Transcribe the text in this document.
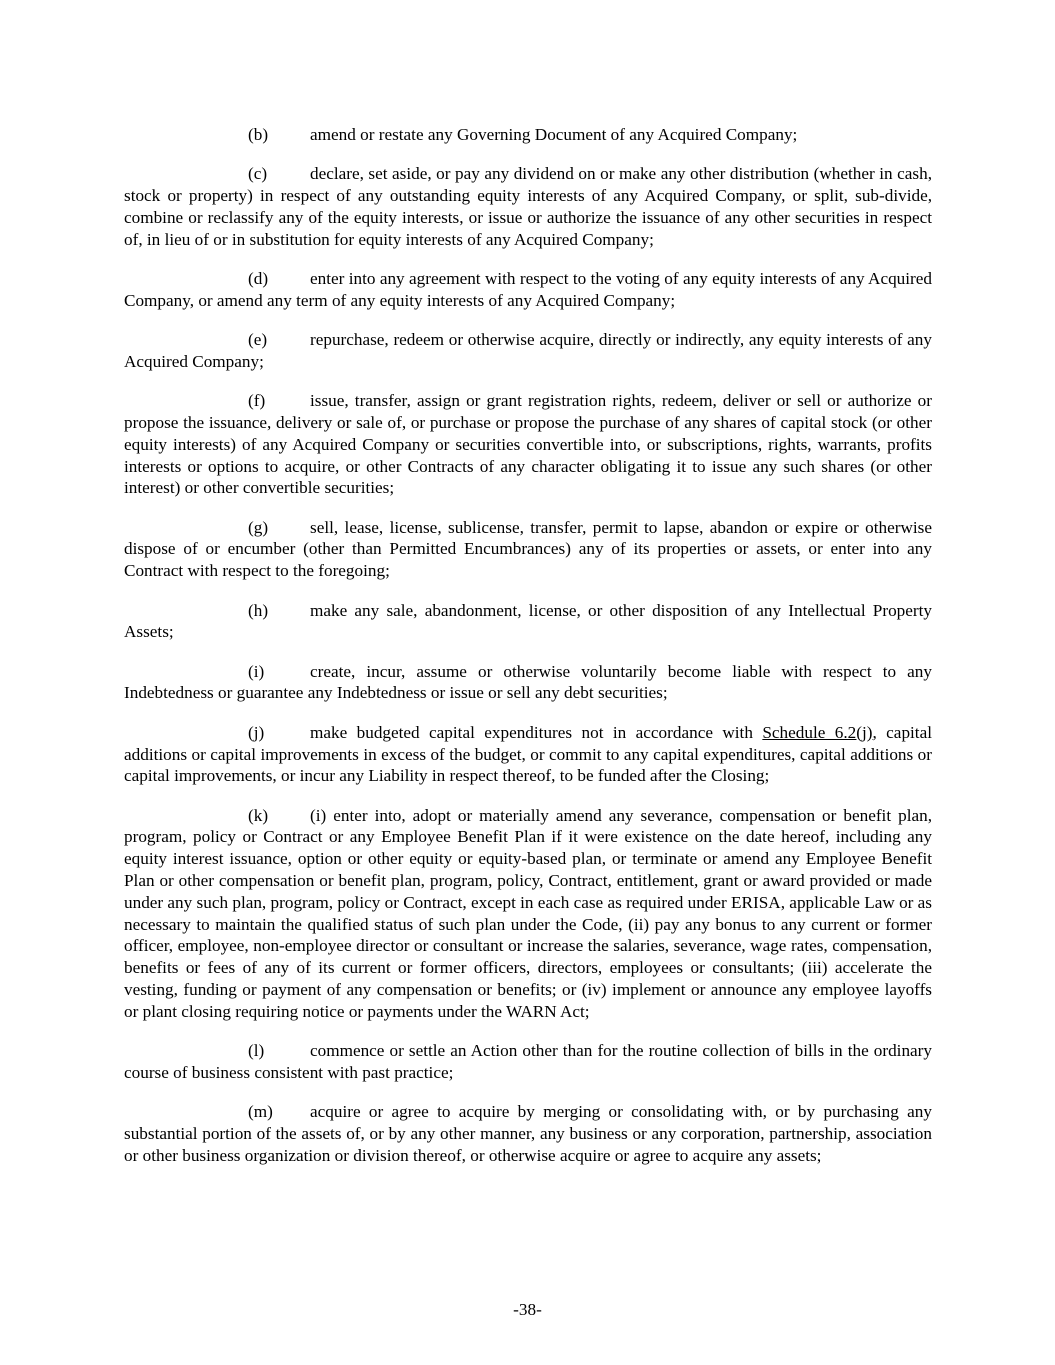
(b) amend or restate any Governing Document of any Acquired Company;

(c) declare, set aside, or pay any dividend on or make any other distribution (whether in cash, stock or property) in respect of any outstanding equity interests of any Acquired Company, or split, sub-divide, combine or reclassify any of the equity interests, or issue or authorize the issuance of any other securities in respect of, in lieu of or in substitution for equity interests of any Acquired Company;

(d) enter into any agreement with respect to the voting of any equity interests of any Acquired Company, or amend any term of any equity interests of any Acquired Company;

(e) repurchase, redeem or otherwise acquire, directly or indirectly, any equity interests of any Acquired Company;

(f)	issue, transfer, assign or grant registration rights, redeem, deliver or sell or authorize or propose the issuance, delivery or sale of, or purchase or propose the purchase of any shares of capital stock (or other equity interests) of any Acquired Company or securities convertible into, or subscriptions, rights, warrants, profits interests or options to acquire, or other Contracts of any character obligating it to issue any such shares (or other interest) or other convertible securities;

(g) sell, lease, license, sublicense, transfer, permit to lapse, abandon or expire or otherwise dispose of or encumber (other than Permitted Encumbrances) any of its properties or assets, or enter into any Contract with respect to the foregoing;

(h) make any sale, abandonment, license, or other disposition of any Intellectual Property Assets;

(i)	create, incur, assume or otherwise voluntarily become liable with respect to any Indebtedness or guarantee any Indebtedness or issue or sell any debt securities;

(j)	make budgeted capital expenditures not in accordance with Schedule 6.2(j), capital additions or capital improvements in excess of the budget, or commit to any capital expenditures, capital additions or capital improvements, or incur any Liability in respect thereof, to be funded after the Closing;

(k) (i) enter into, adopt or materially amend any severance, compensation or benefit plan, program, policy or Contract or any Employee Benefit Plan if it were existence on the date hereof, including any equity interest issuance, option or other equity or equity-based plan, or terminate or amend any Employee Benefit Plan or other compensation or benefit plan, program, policy, Contract, entitlement, grant or award provided or made under any such plan, program, policy or Contract, except in each case as required under ERISA, applicable Law or as necessary to maintain the qualified status of such plan under the Code, (ii) pay any bonus to any current or former officer, employee, non-employee director or consultant or increase the salaries, severance, wage rates, compensation, benefits or fees of any of its current or former officers, directors, employees or consultants; (iii) accelerate the vesting, funding or payment of any compensation or benefits; or (iv) implement or announce any employee layoffs or plant closing requiring notice or payments under the WARN Act;

(l)	commence or settle an Action other than for the routine collection of bills in the ordinary course of business consistent with past practice;

(m) acquire or agree to acquire by merging or consolidating with, or by purchasing any substantial portion of the assets of, or by any other manner, any business or any corporation, partnership, association or other business organization or division thereof, or otherwise acquire or agree to acquire any assets;

-38-
